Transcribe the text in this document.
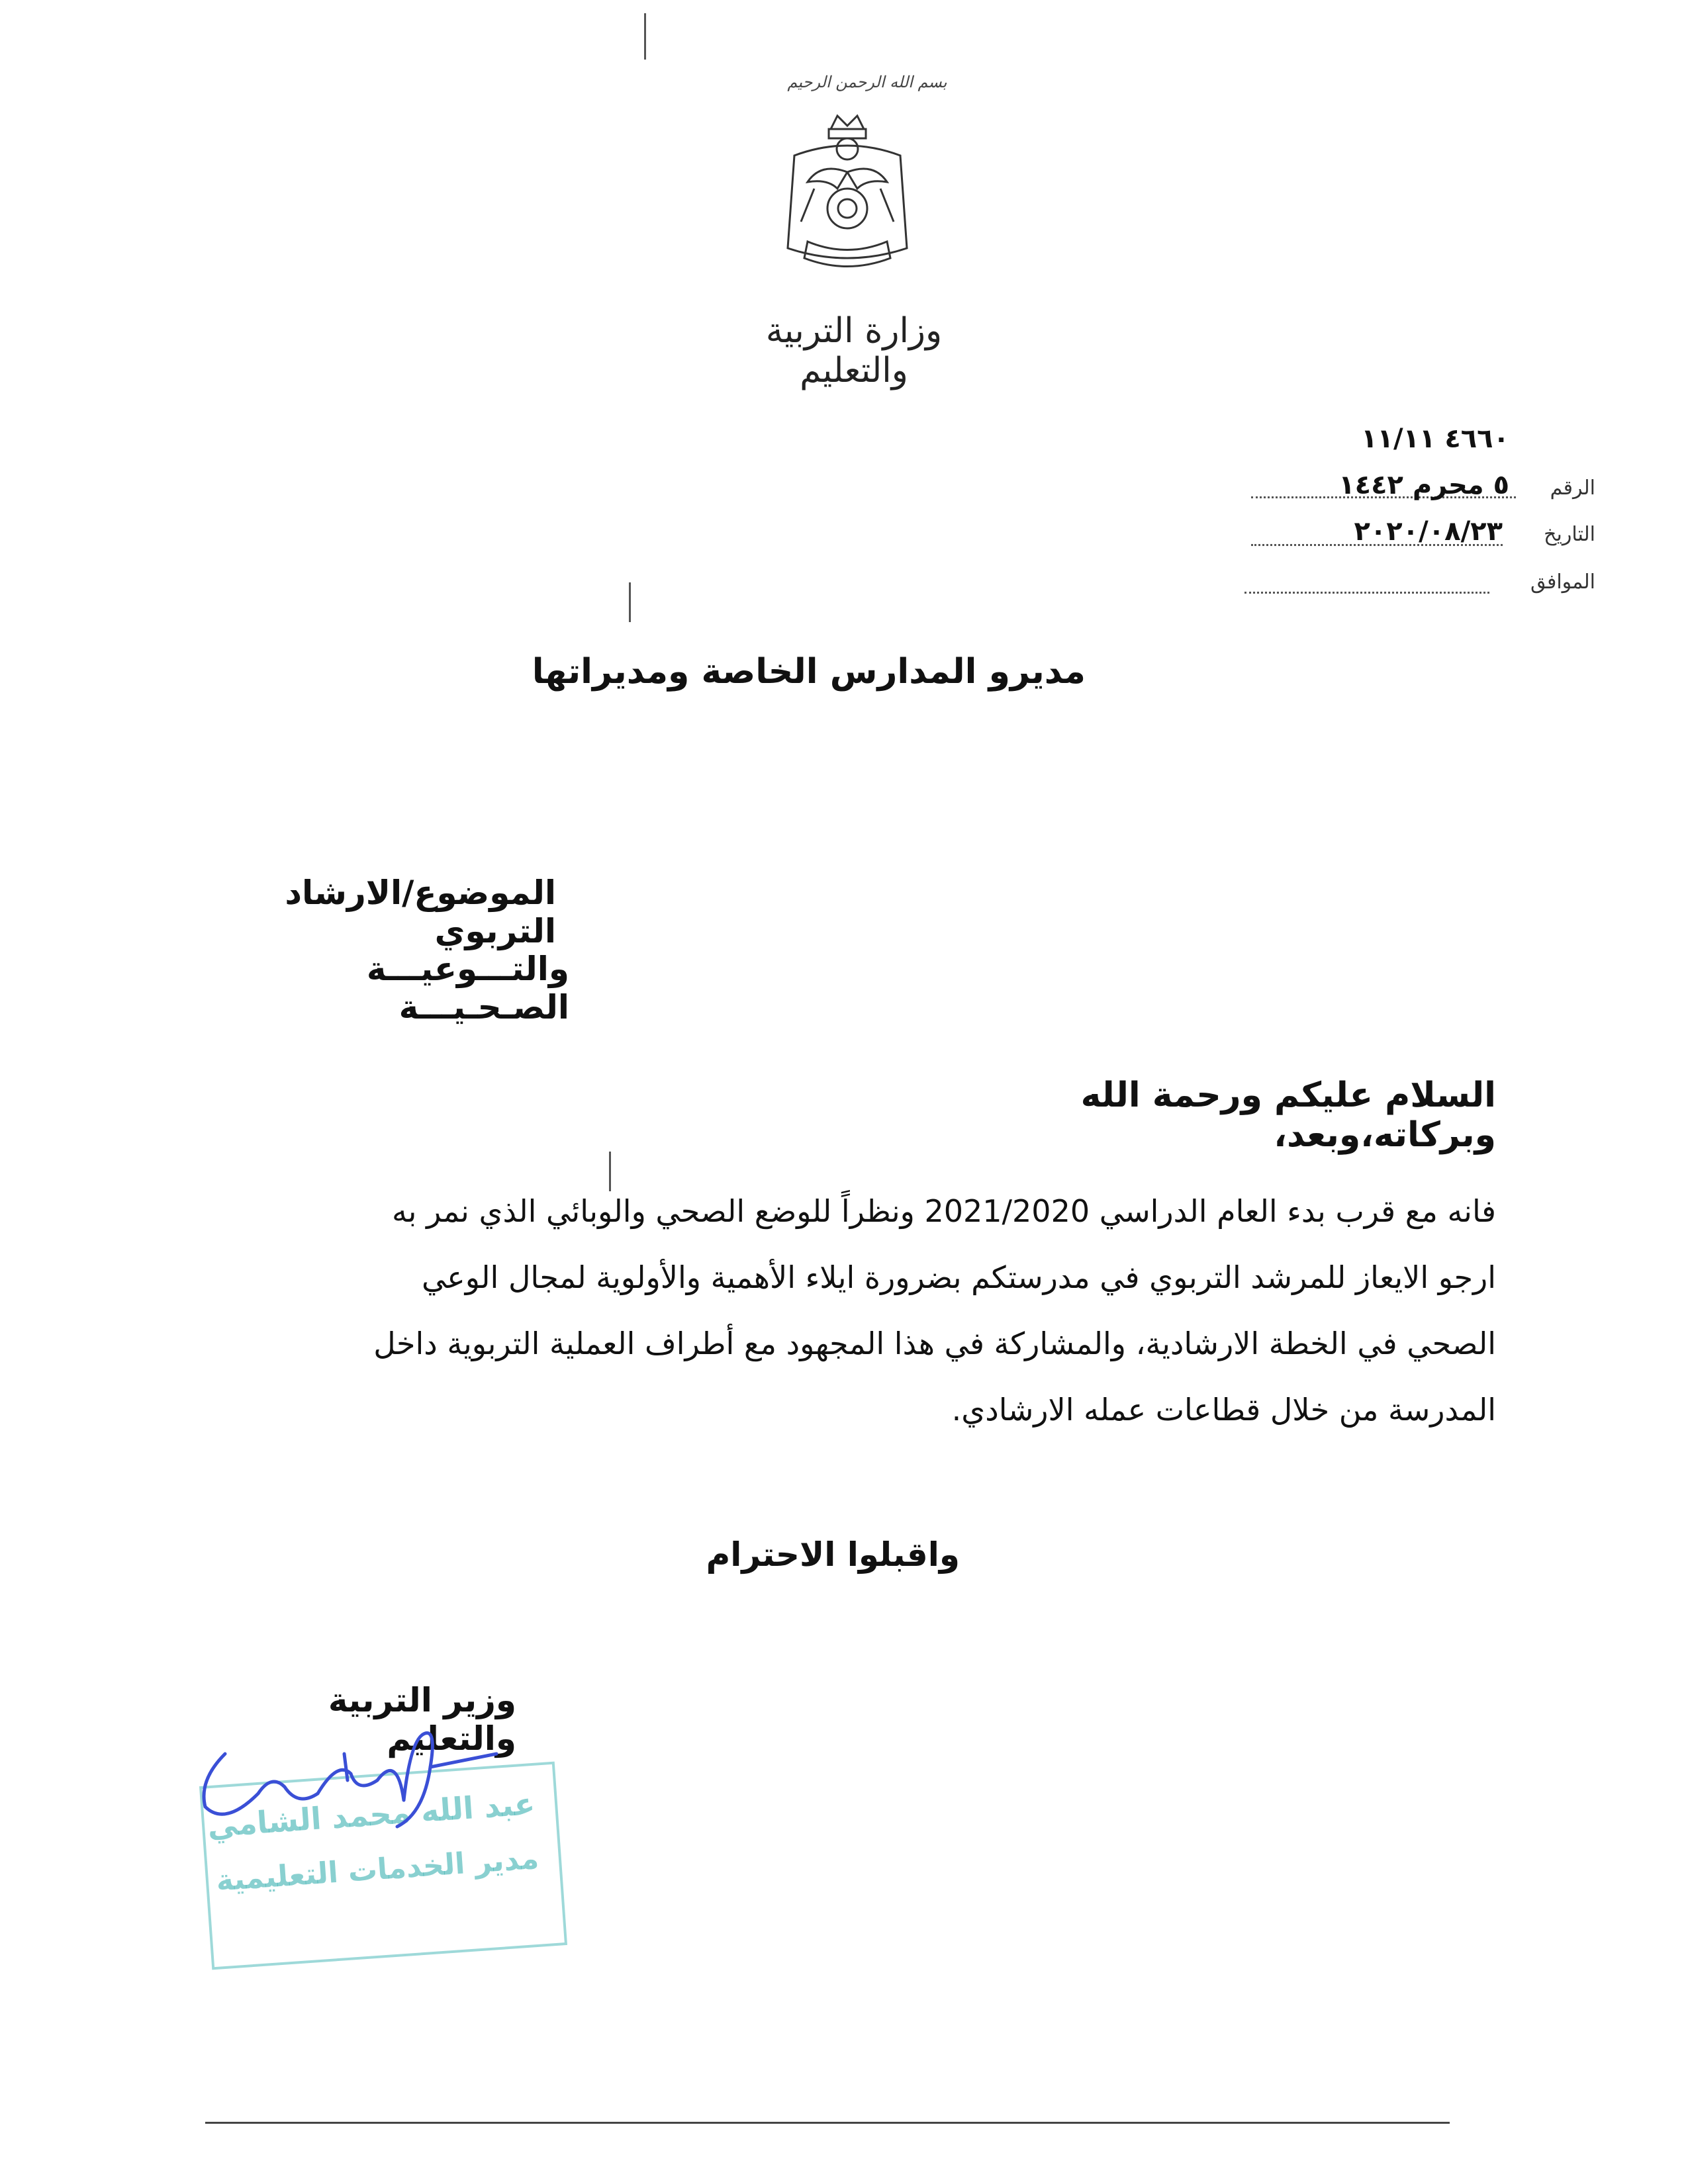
بسم الله الرحمن الرحيم
وزارة التربية والتعليم
٤٦٦٠ ١١/١١
الرقم
٥ محرم ١٤٤٢
التاريخ
٢٠٢٠/٠٨/٢٣
الموافق
مديرو المدارس الخاصة ومديراتها
الموضوع/الارشاد التربوي
والتـــوعيـــة الصـحـيـــة
السلام عليكم ورحمة الله وبركاته،وبعد،
فانه مع قرب بدء العام الدراسي 2021/2020 ونظراً للوضع الصحي والوبائي الذي نمر به
ارجو الايعاز للمرشد التربوي في مدرستكم بضرورة ايلاء الأهمية والأولوية لمجال الوعي
الصحي في الخطة الارشادية، والمشاركة في هذا المجهود مع أطراف العملية التربوية داخل
المدرسة من خلال قطاعات عمله الارشادي.
واقبلوا الاحترام
وزير التربية والتعليم
عبد الله محمد الشامي
مدير الخدمات التعليمية
